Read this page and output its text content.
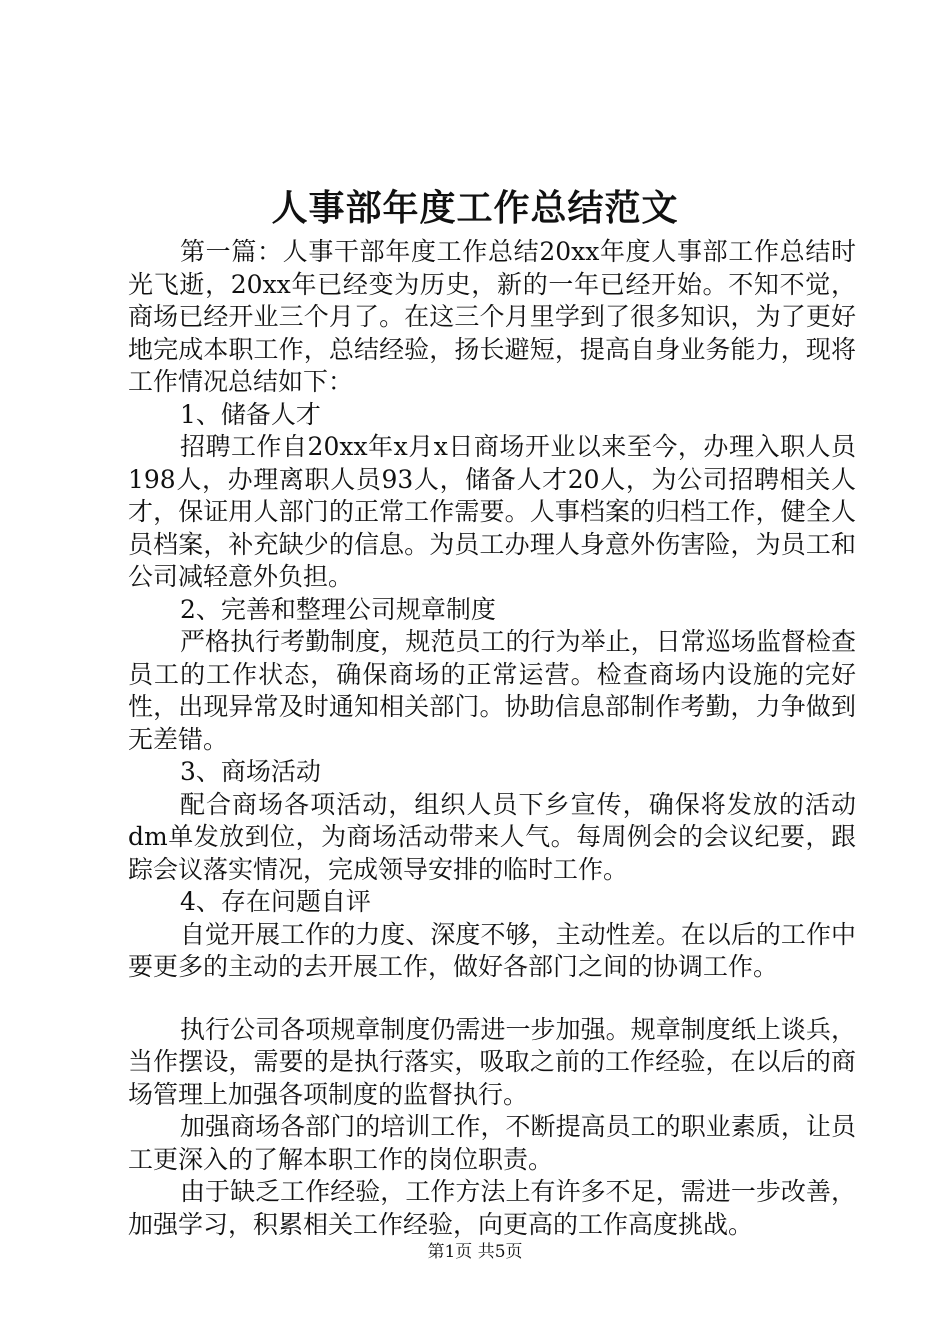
人事部年度工作总结范文

第一篇：人事干部年度工作总结20xx年度人事部工作总结时光飞逝，20xx年已经变为历史，新的一年已经开始。不知不觉，商场已经开业三个月了。在这三个月里学到了很多知识，为了更好地完成本职工作，总结经验，扬长避短，提高自身业务能力，现将工作情况总结如下：

1、储备人才

招聘工作自20xx年x月x日商场开业以来至今，办理入职人员198人，办理离职人员93人，储备人才20人，为公司招聘相关人才，保证用人部门的正常工作需要。人事档案的归档工作，健全人员档案，补充缺少的信息。为员工办理人身意外伤害险，为员工和公司减轻意外负担。

2、完善和整理公司规章制度

严格执行考勤制度，规范员工的行为举止，日常巡场监督检查员工的工作状态，确保商场的正常运营。检查商场内设施的完好性，出现异常及时通知相关部门。协助信息部制作考勤，力争做到无差错。

3、商场活动

配合商场各项活动，组织人员下乡宣传，确保将发放的活动dm单发放到位，为商场活动带来人气。每周例会的会议纪要，跟踪会议落实情况，完成领导安排的临时工作。

4、存在问题自评

自觉开展工作的力度、深度不够，主动性差。在以后的工作中要更多的主动的去开展工作，做好各部门之间的协调工作。

执行公司各项规章制度仍需进一步加强。规章制度纸上谈兵，当作摆设，需要的是执行落实，吸取之前的工作经验，在以后的商场管理上加强各项制度的监督执行。

加强商场各部门的培训工作，不断提高员工的职业素质，让员工更深入的了解本职工作的岗位职责。

由于缺乏工作经验，工作方法上有许多不足，需进一步改善，加强学习，积累相关工作经验，向更高的工作高度挑战。

第1页 共5页
